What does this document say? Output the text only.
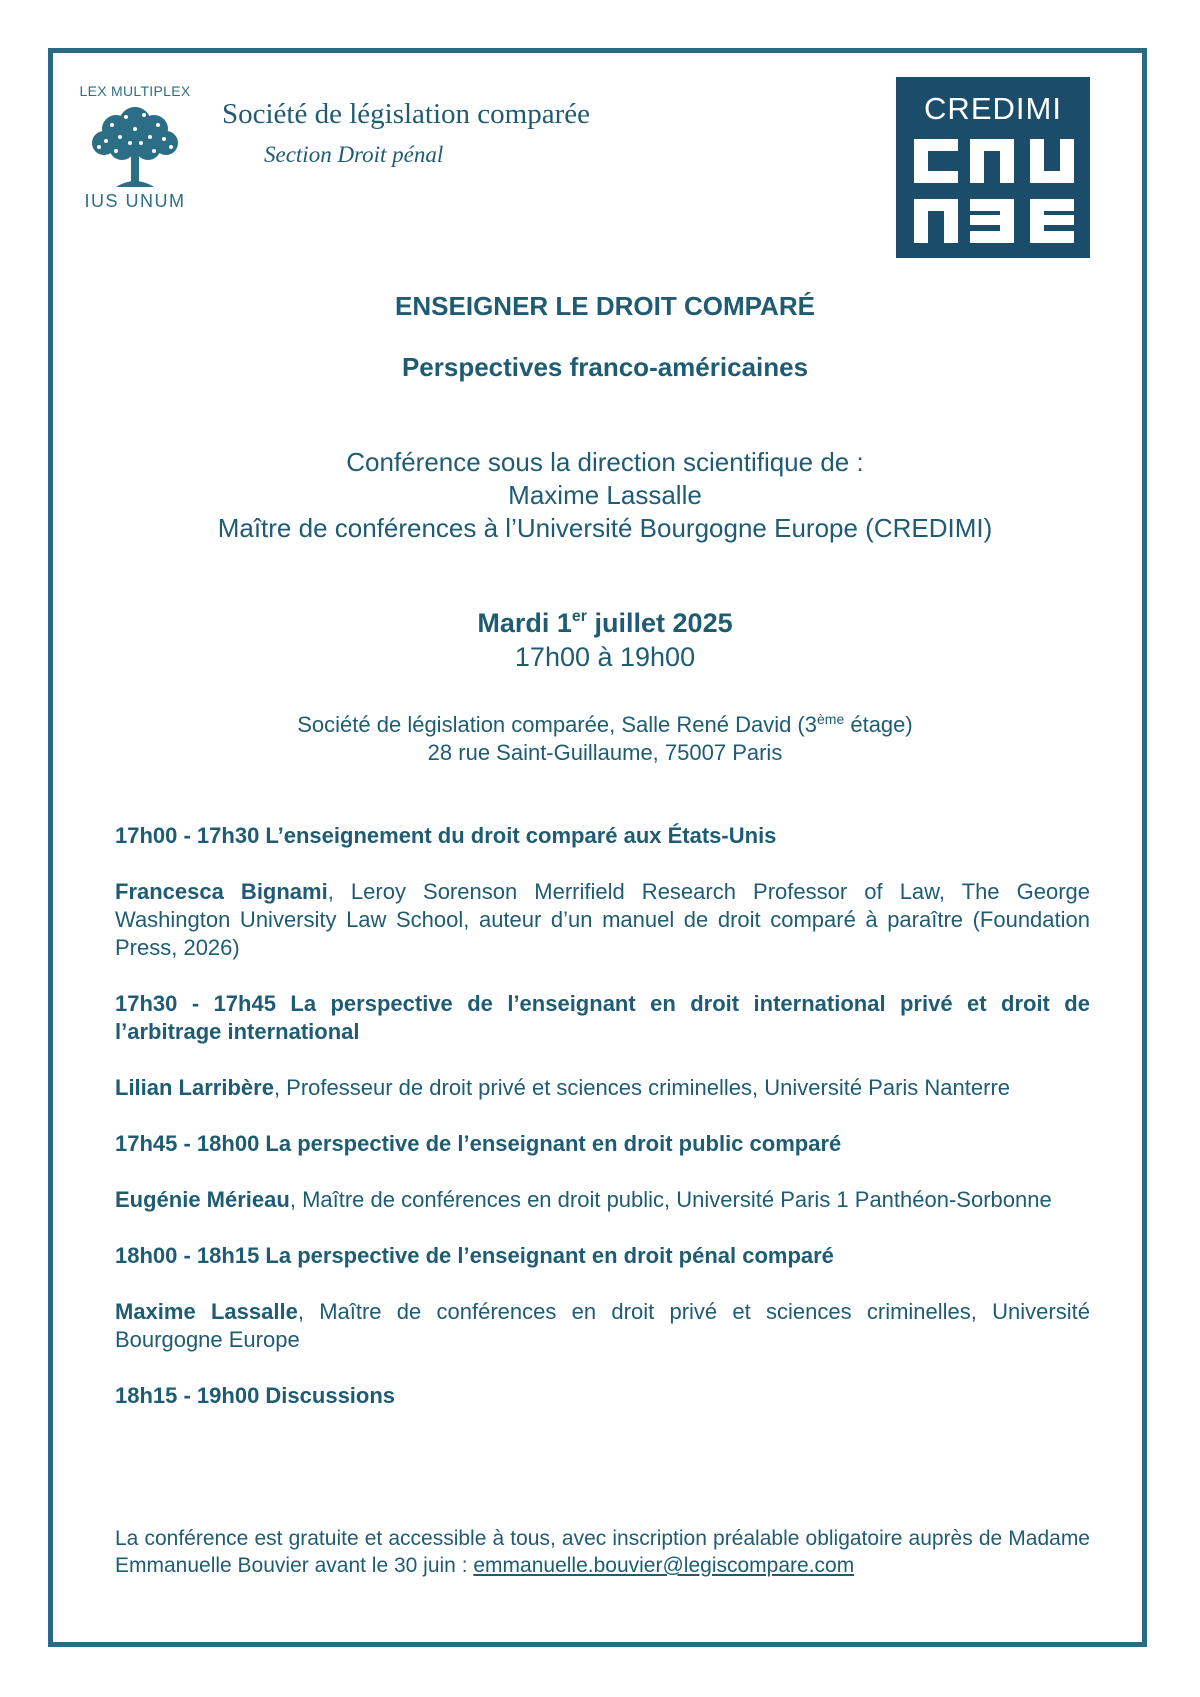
LEX MULTIPLEX
IUS UNUM
Société de législation comparée
Section Droit pénal
CREDIMI
ENSEIGNER LE DROIT COMPARÉ
Perspectives franco-américaines
Conférence sous la direction scientifique de :
Maxime Lassalle
Maître de conférences à l’Université Bourgogne Europe (CREDIMI)
Mardi 1er juillet 2025
17h00 à 19h00
Société de législation comparée, Salle René David (3ème étage)
28 rue Saint-Guillaume, 75007 Paris
17h00 - 17h30 L’enseignement du droit comparé aux États-Unis
Francesca Bignami, Leroy Sorenson Merrifield Research Professor of Law, The George Washington University Law School, auteur d’un manuel de droit comparé à paraître (Foundation Press, 2026)
17h30 - 17h45 La perspective de l’enseignant en droit international privé et droit de l’arbitrage international
Lilian Larribère, Professeur de droit privé et sciences criminelles, Université Paris Nanterre
17h45 - 18h00 La perspective de l’enseignant en droit public comparé
Eugénie Mérieau, Maître de conférences en droit public, Université Paris 1 Panthéon-Sorbonne
18h00 - 18h15 La perspective de l’enseignant en droit pénal comparé
Maxime Lassalle, Maître de conférences en droit privé et sciences criminelles, Université Bourgogne Europe
18h15 - 19h00 Discussions
La conférence est gratuite et accessible à tous, avec inscription préalable obligatoire auprès de Madame Emmanuelle Bouvier avant le 30 juin : emmanuelle.bouvier@legiscompare.com
